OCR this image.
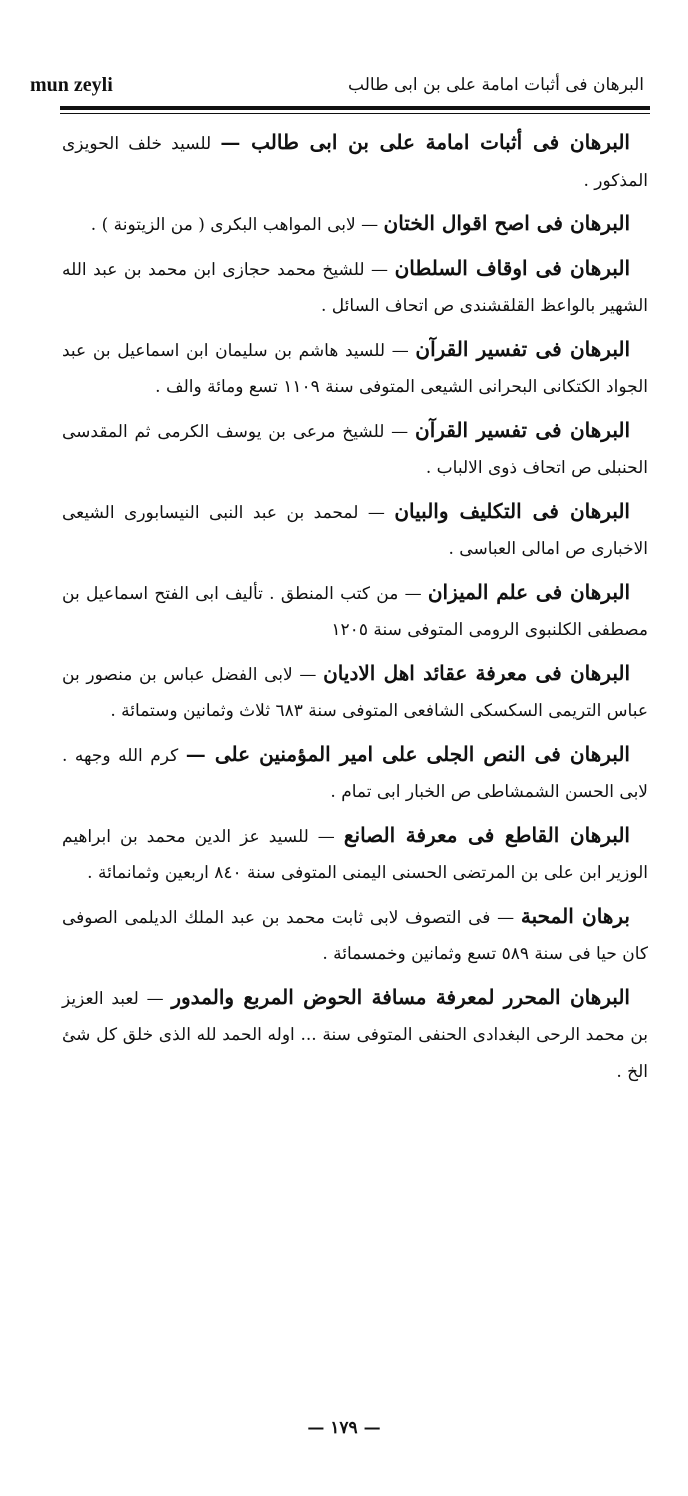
mun zeyli	البرهان فى أثبات امامة على بن ابى طالب

البرهان فى أثبات امامة على بن ابى طالب — للسيد خلف الحويزى المذكور .

البرهان فى اصح اقوال الختان — لابى المواهب البكرى ( من الزيتونة ) .

البرهان فى اوقاف السلطان — للشيخ محمد حجازى ابن محمد بن عبد الله الشهير بالواعظ القلقشندى ص اتحاف السائل .

البرهان فى تفسير القرآن — للسيد هاشم بن سليمان ابن اسماعيل بن عبد الجواد الكتكانى البحرانى الشيعى المتوفى سنة ١١٠٩ تسع ومائة والف .

البرهان فى تفسير القرآن — للشيخ مرعى بن يوسف الكرمى ثم المقدسى الحنبلى ص اتحاف ذوى الالباب .

البرهان فى التكليف والبيان — لمحمد بن عبد النبى النيسابورى الشيعى الاخبارى ص امالى العباسى .

البرهان فى علم الميزان — من كتب المنطق . تأليف ابى الفتح اسماعيل بن مصطفى الكلنبوى الرومى المتوفى سنة ١٢٠٥

البرهان فى معرفة عقائد اهل الاديان — لابى الفضل عباس بن منصور بن عباس التريمى السكسكى الشافعى المتوفى سنة ٦٨٣ ثلاث وثمانين وستمائة .

البرهان فى النص الجلى على امير المؤمنين على — كرم الله وجهه . لابى الحسن الشمشاطى ص الخبار ابى تمام .

البرهان القاطع فى معرفة الصانع — للسيد عز الدين محمد بن ابراهيم الوزير ابن على بن المرتضى الحسنى اليمنى المتوفى سنة ٨٤٠ اربعين وثمانمائة .

برهان المحبة — فى التصوف لابى ثابت محمد بن عبد الملك الديلمى الصوفى كان حيا فى سنة ٥٨٩ تسع وثمانين وخمسمائة .

البرهان المحرر لمعرفة مسافة الحوض المربع والمدور — لعبد العزيز بن محمد الرحى البغدادى الحنفى المتوفى سنة ... اوله الحمد لله الذى خلق كل شئ الخ .

— ١٧٩ —
